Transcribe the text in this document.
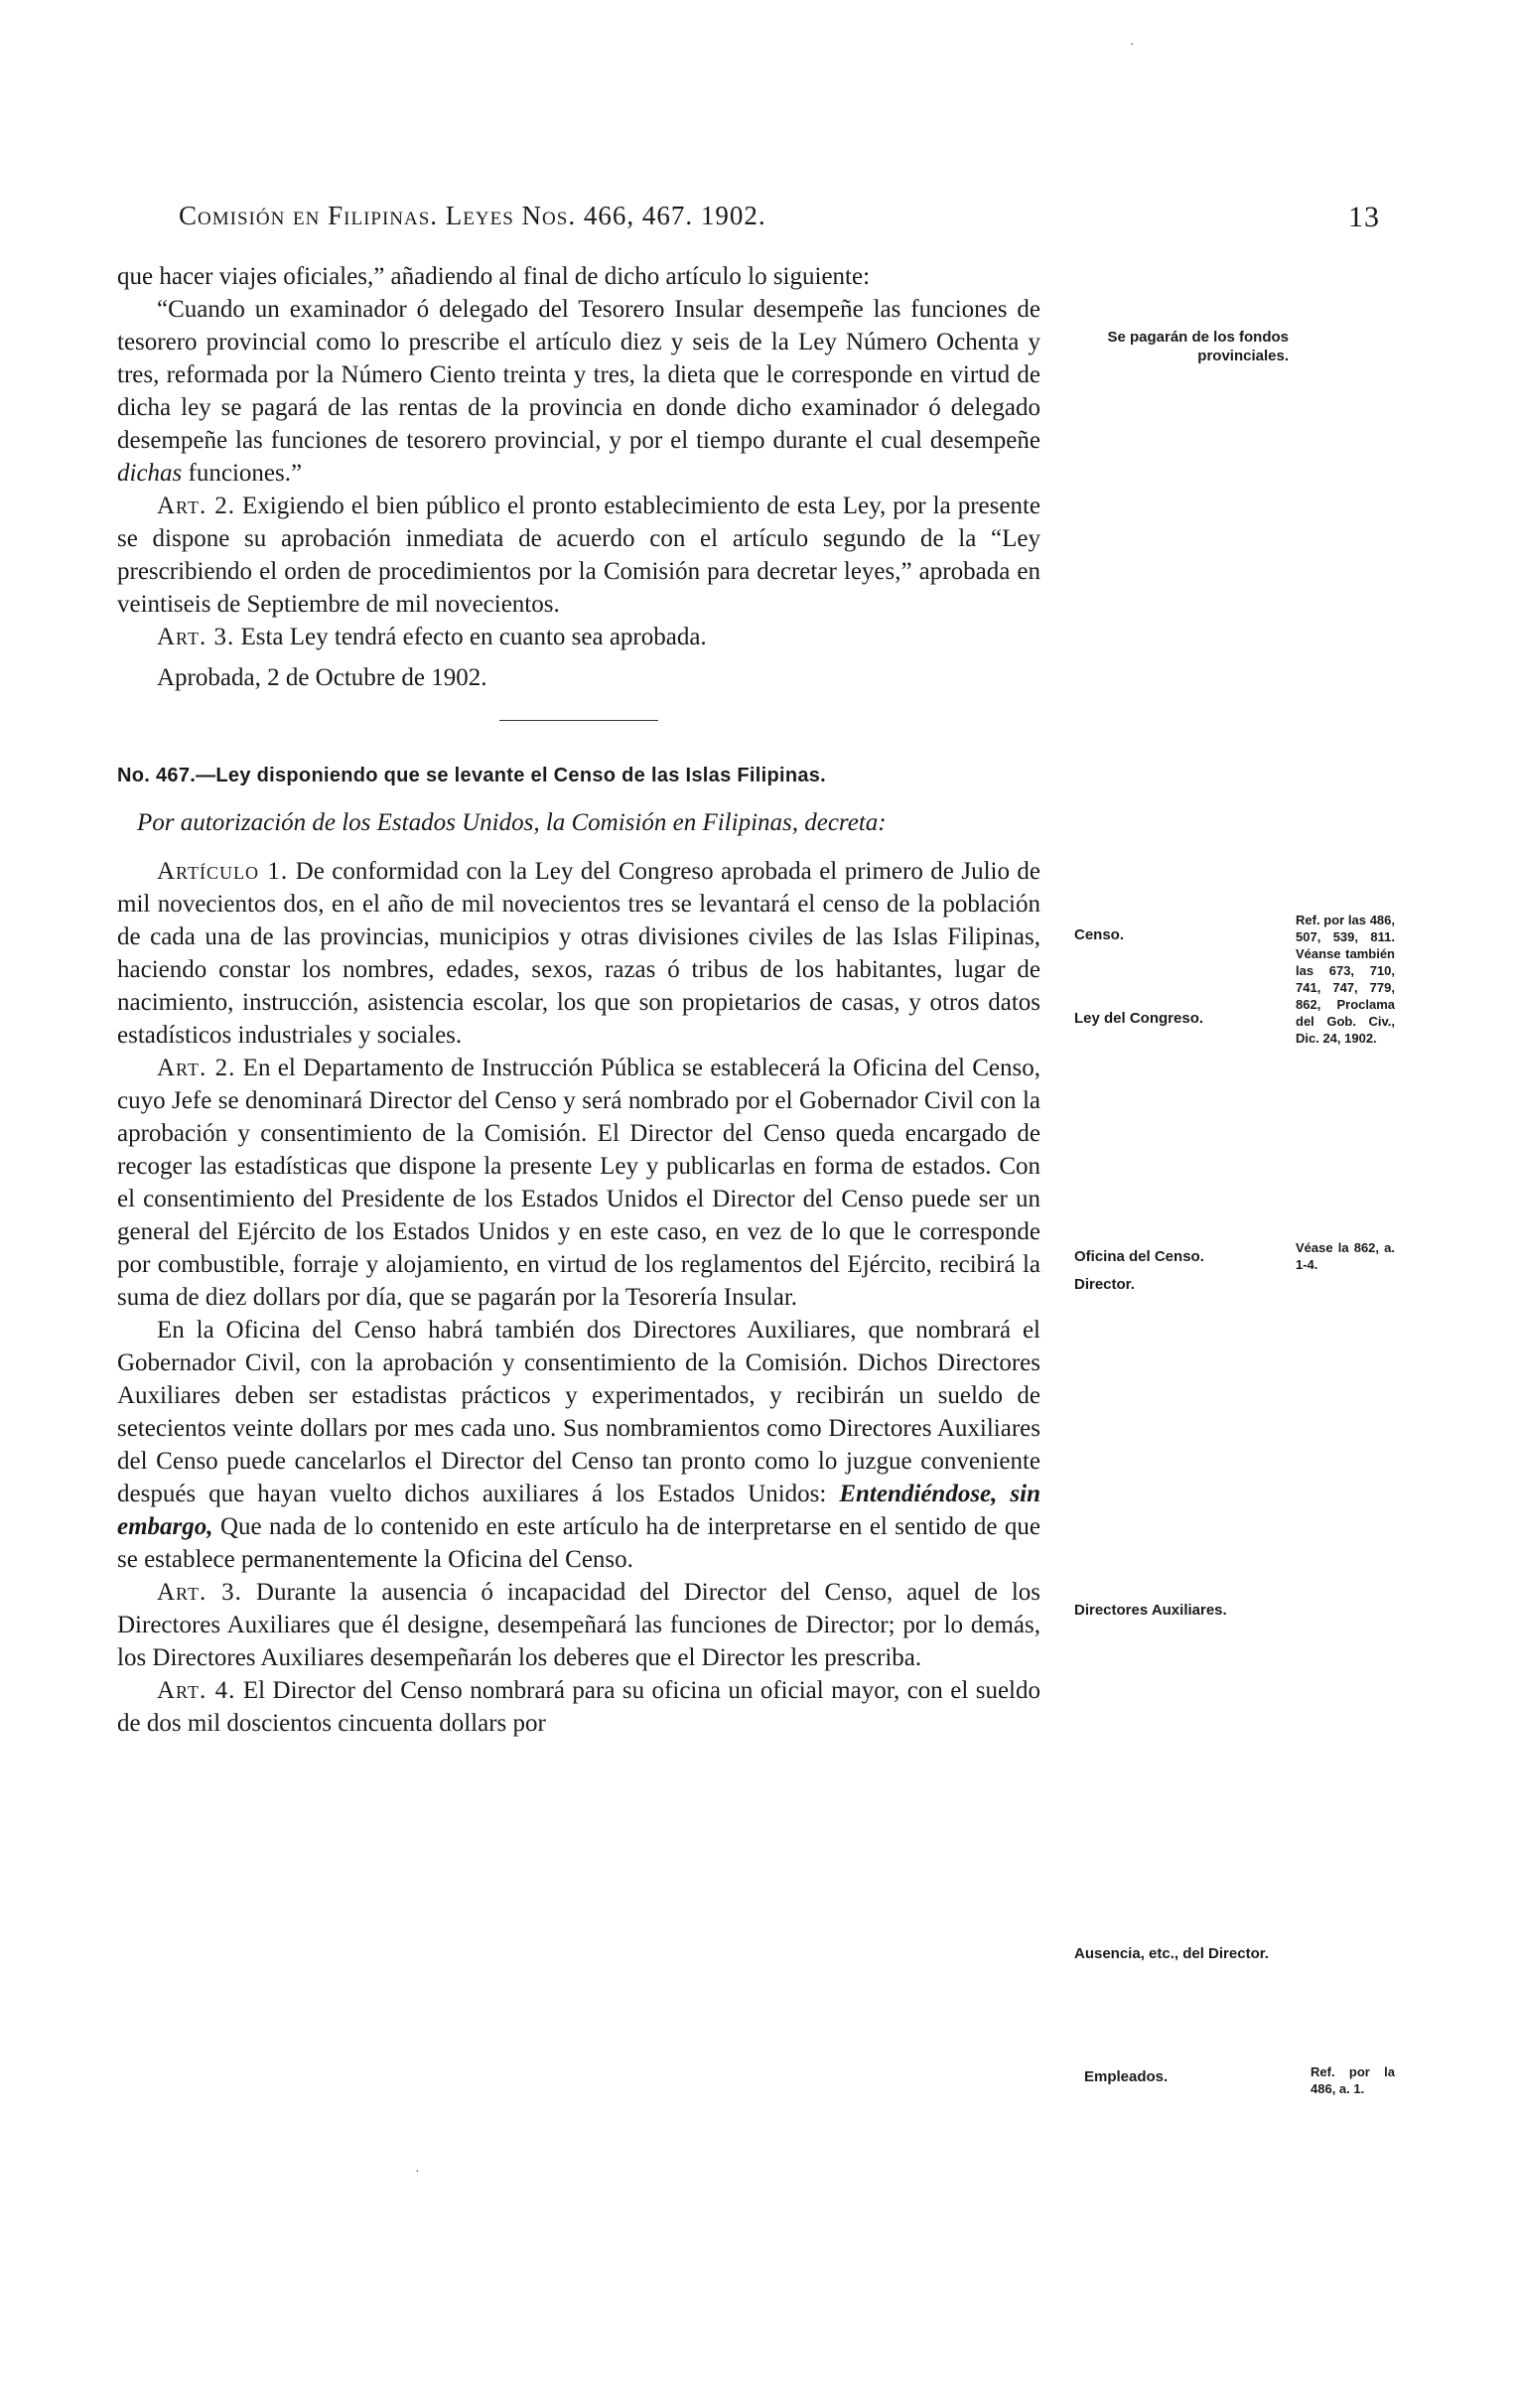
Comisión en Filipinas. Leyes Nos. 466, 467. 1902.	13

que hacer viajes oficiales,” añadiendo al final de dicho artículo lo siguiente:

“Cuando un examinador ó delegado del Tesorero Insular desempeñe las funciones de tesorero provincial como lo prescribe el artículo diez y seis de la Ley Número Ochenta y tres, reformada por la Número Ciento treinta y tres, la dieta que le corresponde en virtud de dicha ley se pagará de las rentas de la provincia en donde dicho examinador ó delegado desempeñe las funciones de tesorero provincial, y por el tiempo durante el cual desempeñe dichas funciones.”

Art. 2. Exigiendo el bien público el pronto establecimiento de esta Ley, por la presente se dispone su aprobación inmediata de acuerdo con el artículo segundo de la “Ley prescribiendo el orden de procedimientos por la Comisión para decretar leyes,” aprobada en veintiseis de Septiembre de mil novecientos.

Art. 3. Esta Ley tendrá efecto en cuanto sea aprobada.

Aprobada, 2 de Octubre de 1902.

No. 467.—Ley disponiendo que se levante el Censo de las Islas Filipinas.

Por autorización de los Estados Unidos, la Comisión en Filipinas, decreta:

Artículo 1. De conformidad con la Ley del Congreso aprobada el primero de Julio de mil novecientos dos, en el año de mil novecientos tres se levantará el censo de la población de cada una de las provincias, municipios y otras divisiones civiles de las Islas Filipinas, haciendo constar los nombres, edades, sexos, razas ó tribus de los habitantes, lugar de nacimiento, instrucción, asistencia escolar, los que son propietarios de casas, y otros datos estadísticos industriales y sociales.

Art. 2. En el Departamento de Instrucción Pública se establecerá la Oficina del Censo, cuyo Jefe se denominará Director del Censo y será nombrado por el Gobernador Civil con la aprobación y consentimiento de la Comisión. El Director del Censo queda encargado de recoger las estadísticas que dispone la presente Ley y publicarlas en forma de estados. Con el consentimiento del Presidente de los Estados Unidos el Director del Censo puede ser un general del Ejército de los Estados Unidos y en este caso, en vez de lo que le corresponde por combustible, forraje y alojamiento, en virtud de los reglamentos del Ejército, recibirá la suma de diez dollars por día, que se pagarán por la Tesorería Insular.

En la Oficina del Censo habrá también dos Directores Auxiliares, que nombrará el Gobernador Civil, con la aprobación y consentimiento de la Comisión. Dichos Directores Auxiliares deben ser estadistas prácticos y experimentados, y recibirán un sueldo de setecientos veinte dollars por mes cada uno. Sus nombramientos como Directores Auxiliares del Censo puede cancelarlos el Director del Censo tan pronto como lo juzgue conveniente después que hayan vuelto dichos auxiliares á los Estados Unidos: Entendiéndose, sin embargo, Que nada de lo contenido en este artículo ha de interpretarse en el sentido de que se establece permanentemente la Oficina del Censo.

Art. 3. Durante la ausencia ó incapacidad del Director del Censo, aquel de los Directores Auxiliares que él designe, desempeñará las funciones de Director; por lo demás, los Directores Auxiliares desempeñarán los deberes que el Director les prescriba.

Art. 4. El Director del Censo nombrará para su oficina un oficial mayor, con el sueldo de dos mil doscientos cincuenta dollars por

Se pagarán de los fondos provinciales.
Censo.
Ley del Congreso.
Oficina del Censo.
Director.
Directores Auxiliares.
Ausencia, etc., del Director.
Empleados.
Ref. por las 486, 507, 539, 811. Véanse también las 673, 710, 741, 747, 779, 862, Proclama del Gob. Civ., Dic. 24, 1902.
Véase la 862, a. 1-4.
Ref. por la 486, a. 1.
·
·
